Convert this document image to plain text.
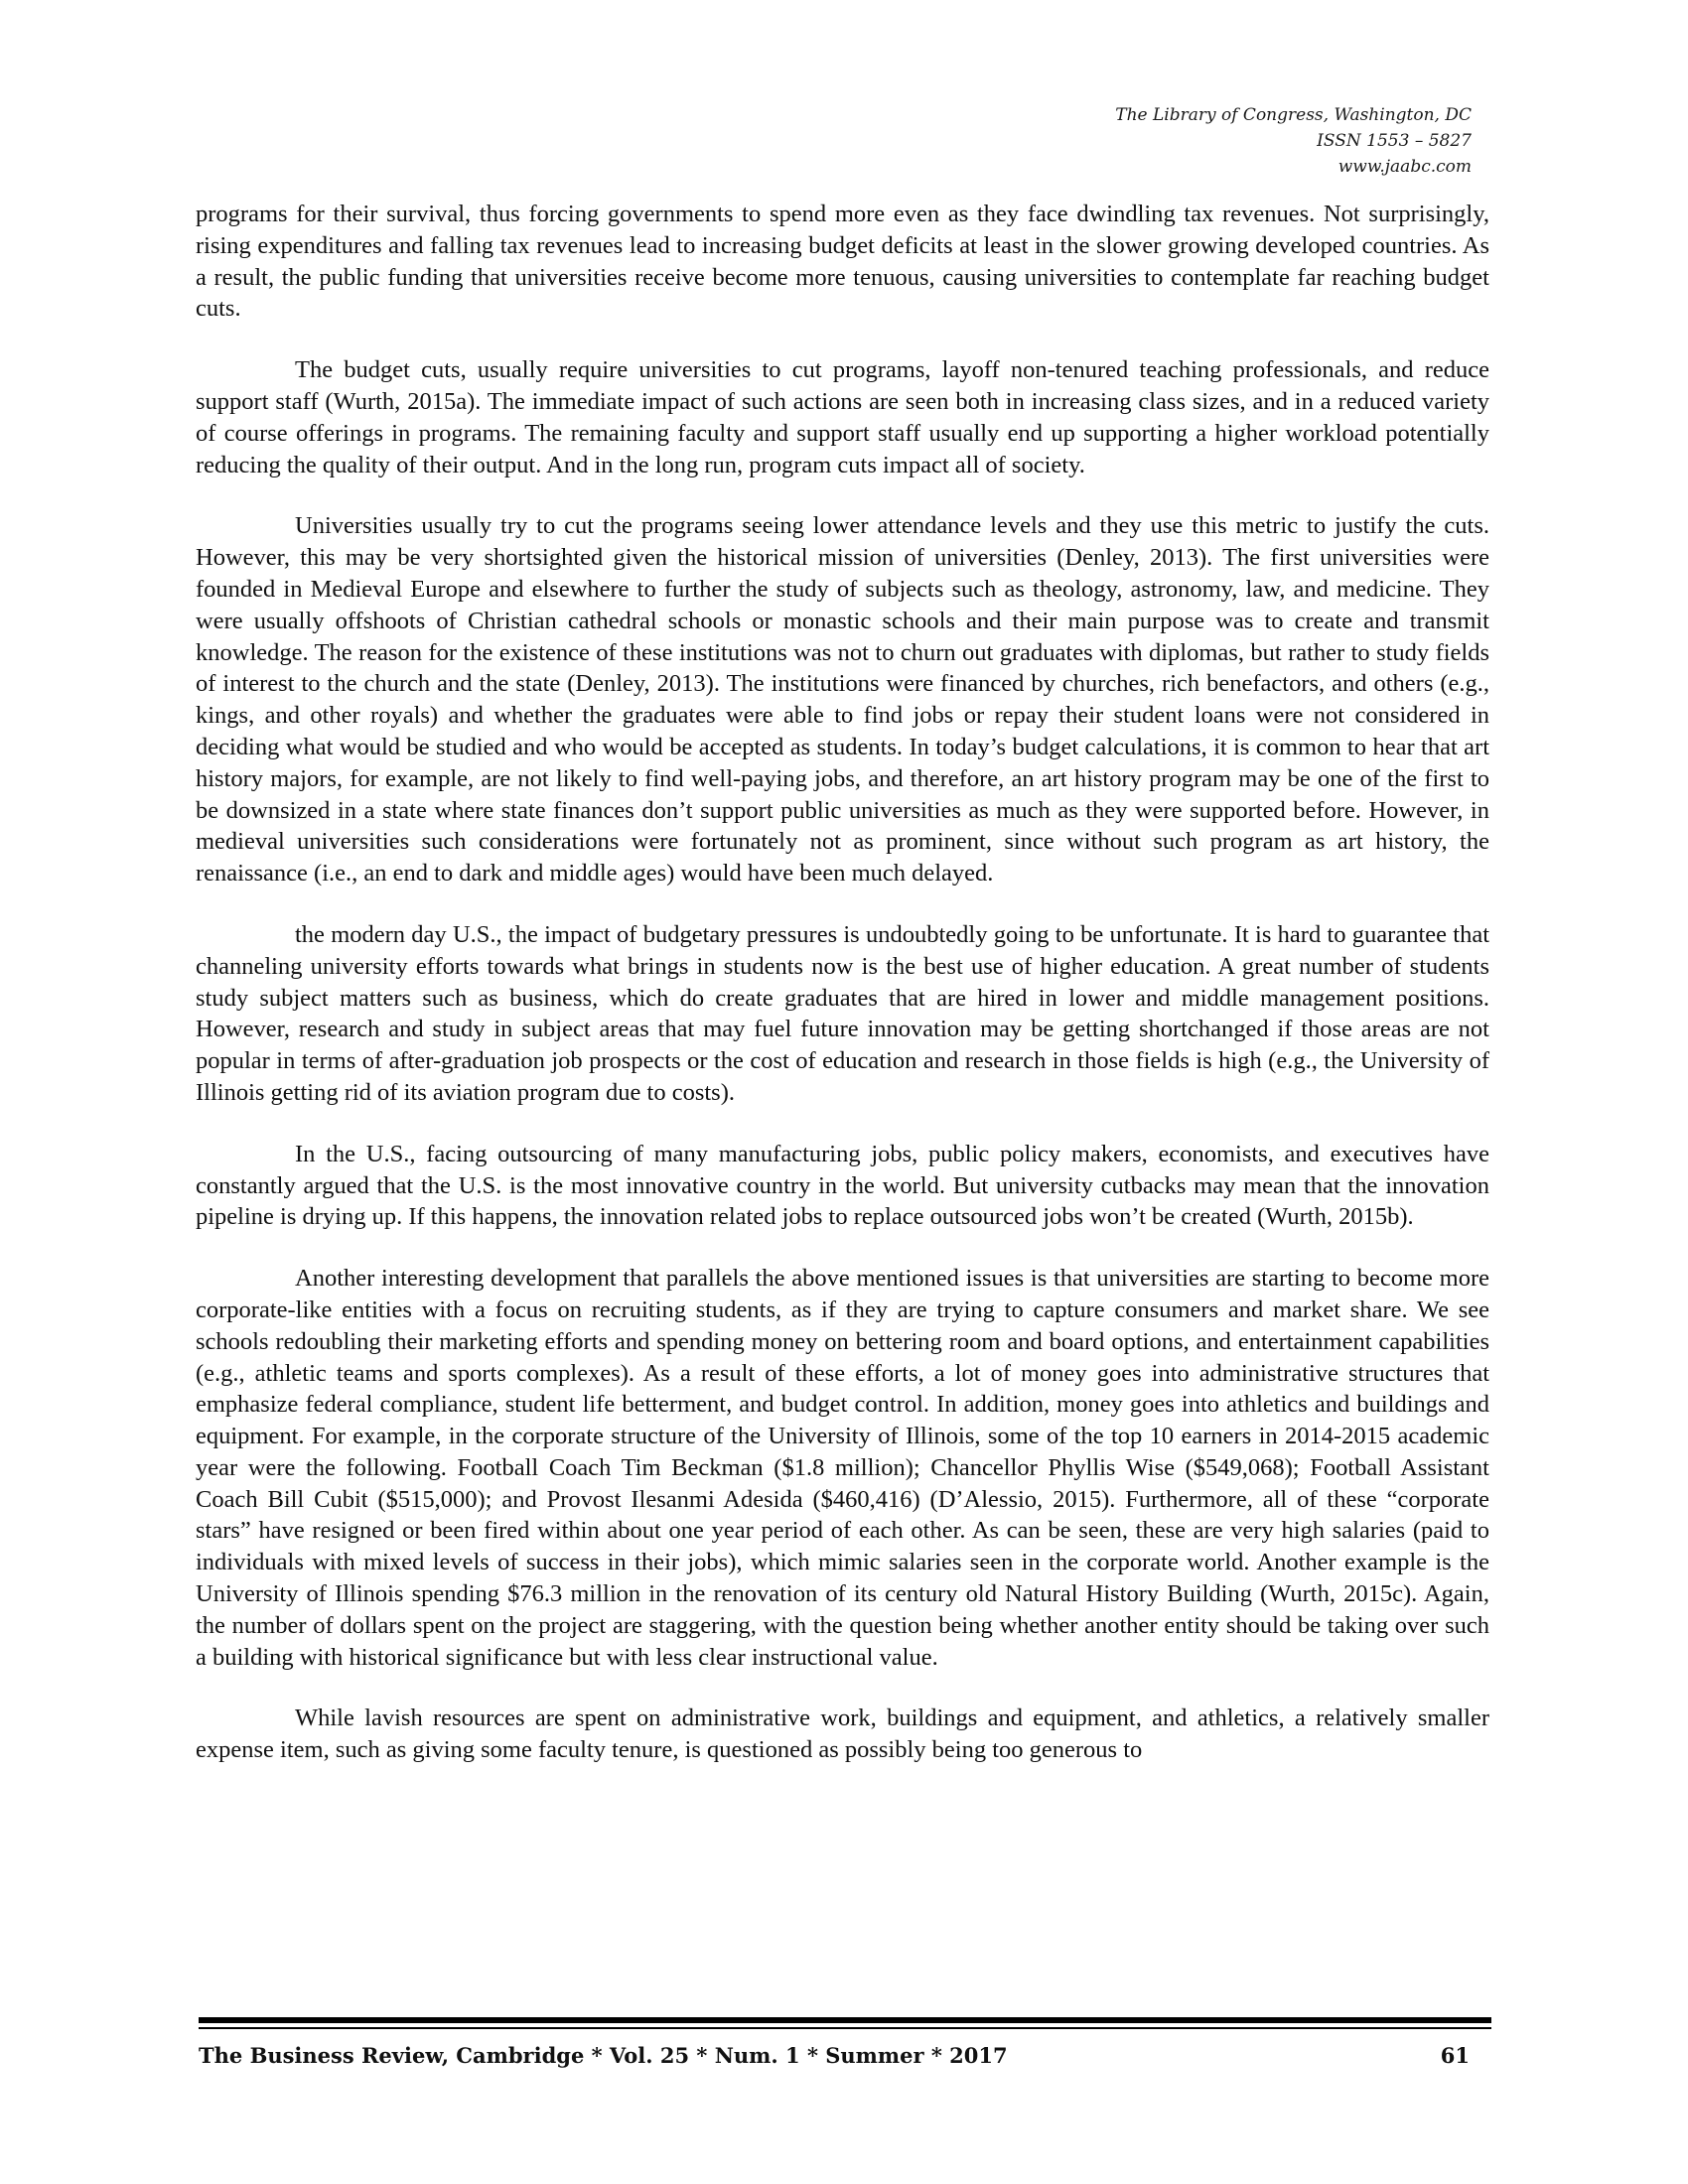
The Library of Congress, Washington, DC
ISSN 1553 – 5827
www.jaabc.com

programs for their survival, thus forcing governments to spend more even as they face dwindling tax revenues. Not surprisingly, rising expenditures and falling tax revenues lead to increasing budget deficits at least in the slower growing developed countries. As a result, the public funding that universities receive become more tenuous, causing universities to contemplate far reaching budget cuts.

The budget cuts, usually require universities to cut programs, layoff non-tenured teaching professionals, and reduce support staff (Wurth, 2015a). The immediate impact of such actions are seen both in increasing class sizes, and in a reduced variety of course offerings in programs. The remaining faculty and support staff usually end up supporting a higher workload potentially reducing the quality of their output. And in the long run, program cuts impact all of society.

Universities usually try to cut the programs seeing lower attendance levels and they use this metric to justify the cuts. However, this may be very shortsighted given the historical mission of universities (Denley, 2013). The first universities were founded in Medieval Europe and elsewhere to further the study of subjects such as theology, astronomy, law, and medicine. They were usually offshoots of Christian cathedral schools or monastic schools and their main purpose was to create and transmit knowledge. The reason for the existence of these institutions was not to churn out graduates with diplomas, but rather to study fields of interest to the church and the state (Denley, 2013). The institutions were financed by churches, rich benefactors, and others (e.g., kings, and other royals) and whether the graduates were able to find jobs or repay their student loans were not considered in deciding what would be studied and who would be accepted as students. In today’s budget calculations, it is common to hear that art history majors, for example, are not likely to find well-paying jobs, and therefore, an art history program may be one of the first to be downsized in a state where state finances don’t support public universities as much as they were supported before. However, in medieval universities such considerations were fortunately not as prominent, since without such program as art history, the renaissance (i.e., an end to dark and middle ages) would have been much delayed.

the modern day U.S., the impact of budgetary pressures is undoubtedly going to be unfortunate. It is hard to guarantee that channeling university efforts towards what brings in students now is the best use of higher education. A great number of students study subject matters such as business, which do create graduates that are hired in lower and middle management positions. However, research and study in subject areas that may fuel future innovation may be getting shortchanged if those areas are not popular in terms of after-graduation job prospects or the cost of education and research in those fields is high (e.g., the University of Illinois getting rid of its aviation program due to costs).

In the U.S., facing outsourcing of many manufacturing jobs, public policy makers, economists, and executives have constantly argued that the U.S. is the most innovative country in the world. But university cutbacks may mean that the innovation pipeline is drying up. If this happens, the innovation related jobs to replace outsourced jobs won’t be created (Wurth, 2015b).

Another interesting development that parallels the above mentioned issues is that universities are starting to become more corporate-like entities with a focus on recruiting students, as if they are trying to capture consumers and market share. We see schools redoubling their marketing efforts and spending money on bettering room and board options, and entertainment capabilities (e.g., athletic teams and sports complexes). As a result of these efforts, a lot of money goes into administrative structures that emphasize federal compliance, student life betterment, and budget control. In addition, money goes into athletics and buildings and equipment. For example, in the corporate structure of the University of Illinois, some of the top 10 earners in 2014-2015 academic year were the following. Football Coach Tim Beckman ($1.8 million); Chancellor Phyllis Wise ($549,068); Football Assistant Coach Bill Cubit ($515,000); and Provost Ilesanmi Adesida ($460,416) (D’Alessio, 2015). Furthermore, all of these “corporate stars” have resigned or been fired within about one year period of each other. As can be seen, these are very high salaries (paid to individuals with mixed levels of success in their jobs), which mimic salaries seen in the corporate world. Another example is the University of Illinois spending $76.3 million in the renovation of its century old Natural History Building (Wurth, 2015c). Again, the number of dollars spent on the project are staggering, with the question being whether another entity should be taking over such a building with historical significance but with less clear instructional value.

While lavish resources are spent on administrative work, buildings and equipment, and athletics, a relatively smaller expense item, such as giving some faculty tenure, is questioned as possibly being too generous to

The Business Review, Cambridge * Vol. 25 * Num. 1 * Summer * 2017	61
